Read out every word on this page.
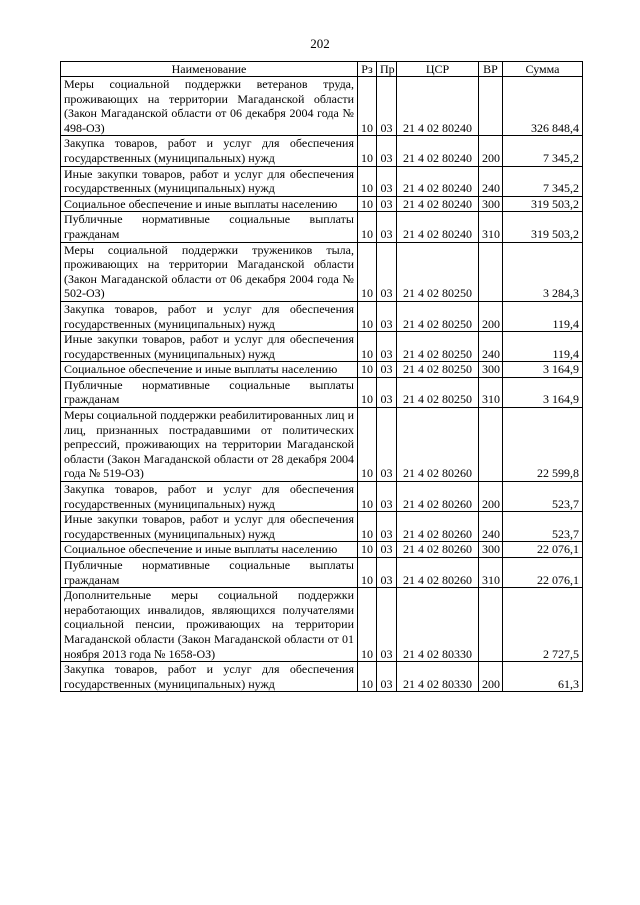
202
Наименование	Рз	Пр	ЦСР	ВР	Сумма
Меры социальной поддержки ветеранов труда, проживающих на территории Магаданской области (Закон Магаданской области от 06 декабря 2004 года № 498-ОЗ)	10	03	21 4 02 80240		326 848,4
Закупка товаров, работ и услуг для обеспечения государственных (муниципальных) нужд	10	03	21 4 02 80240	200	7 345,2
Иные закупки товаров, работ и услуг для обеспечения государственных (муниципальных) нужд	10	03	21 4 02 80240	240	7 345,2
Социальное обеспечение и иные выплаты населению	10	03	21 4 02 80240	300	319 503,2
Публичные нормативные социальные выплаты гражданам	10	03	21 4 02 80240	310	319 503,2
Меры социальной поддержки тружеников тыла, проживающих на территории Магаданской области (Закон Магаданской области от 06 декабря 2004 года № 502-ОЗ)	10	03	21 4 02 80250		3 284,3
Закупка товаров, работ и услуг для обеспечения государственных (муниципальных) нужд	10	03	21 4 02 80250	200	119,4
Иные закупки товаров, работ и услуг для обеспечения государственных (муниципальных) нужд	10	03	21 4 02 80250	240	119,4
Социальное обеспечение и иные выплаты населению	10	03	21 4 02 80250	300	3 164,9
Публичные нормативные социальные выплаты гражданам	10	03	21 4 02 80250	310	3 164,9
Меры социальной поддержки реабилитированных лиц и лиц, признанных пострадавшими от политических репрессий, проживающих на территории Магаданской области (Закон Магаданской области от 28 декабря 2004 года № 519-ОЗ)	10	03	21 4 02 80260		22 599,8
Закупка товаров, работ и услуг для обеспечения государственных (муниципальных) нужд	10	03	21 4 02 80260	200	523,7
Иные закупки товаров, работ и услуг для обеспечения государственных (муниципальных) нужд	10	03	21 4 02 80260	240	523,7
Социальное обеспечение и иные выплаты населению	10	03	21 4 02 80260	300	22 076,1
Публичные нормативные социальные выплаты гражданам	10	03	21 4 02 80260	310	22 076,1
Дополнительные меры социальной поддержки неработающих инвалидов, являющихся получателями социальной пенсии, проживающих на территории Магаданской области (Закон Магаданской области от 01 ноября 2013 года № 1658-ОЗ)	10	03	21 4 02 80330		2 727,5
Закупка товаров, работ и услуг для обеспечения государственных (муниципальных) нужд	10	03	21 4 02 80330	200	61,3
